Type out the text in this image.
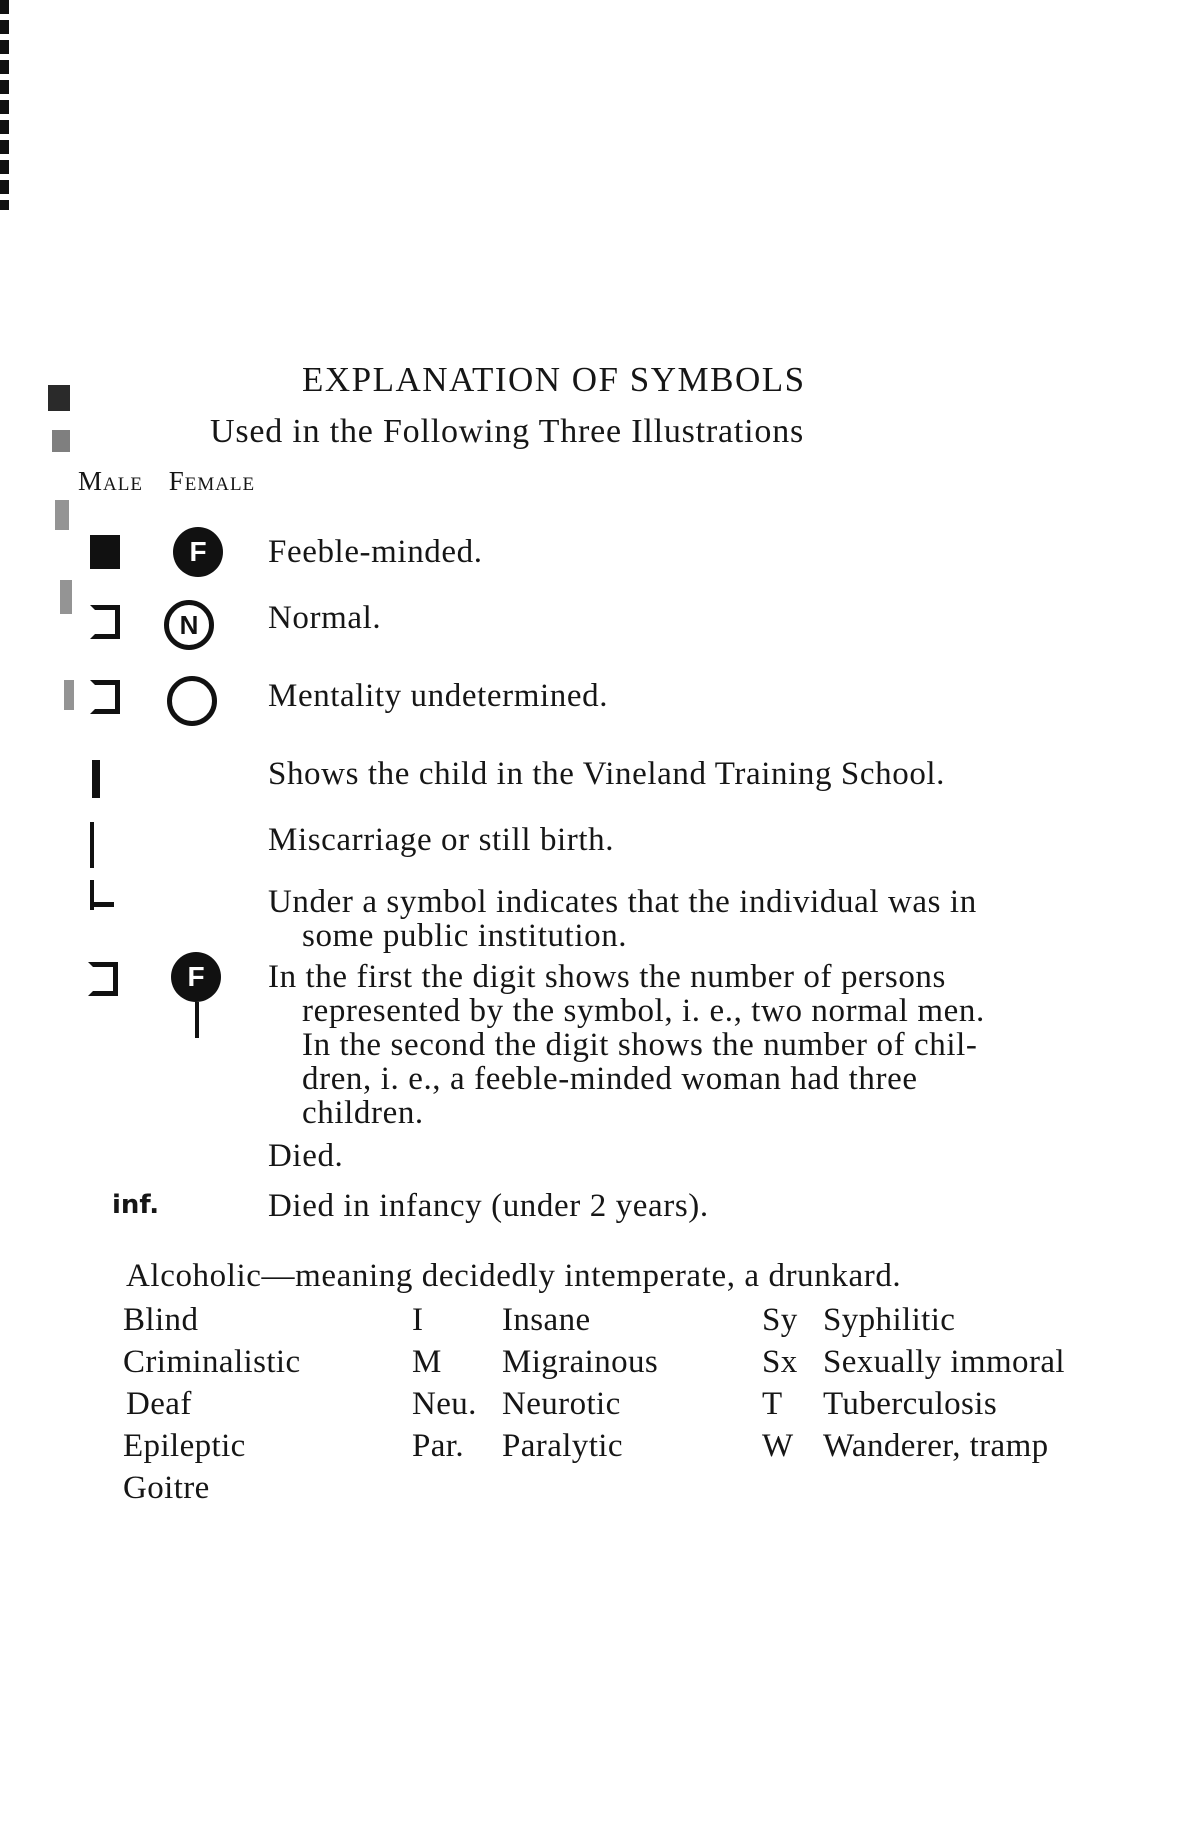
EXPLANATION OF SYMBOLS
Used in the Following Three Illustrations
Male Female
F Feeble-minded.
N Normal.
Mentality undetermined.
Shows the child in the Vineland Training School.
Miscarriage or still birth.
Under a symbol indicates that the individual was in
some public institution.
F In the first the digit shows the number of persons
represented by the symbol, i. e., two normal men.
In the second the digit shows the number of chil-
dren, i. e., a feeble-minded woman had three
children.
Died.
inf.	Died in infancy (under 2 years).
Alcoholic—meaning decidedly intemperate, a drunkard.
Blind
Criminalistic
Deaf
Epileptic
Goitre
I
M
Neu.
Par.
Insane
Migrainous
Neurotic
Paralytic
Sy
Sx
T
W
Syphilitic
Sexually immoral
Tuberculosis
Wanderer, tramp
